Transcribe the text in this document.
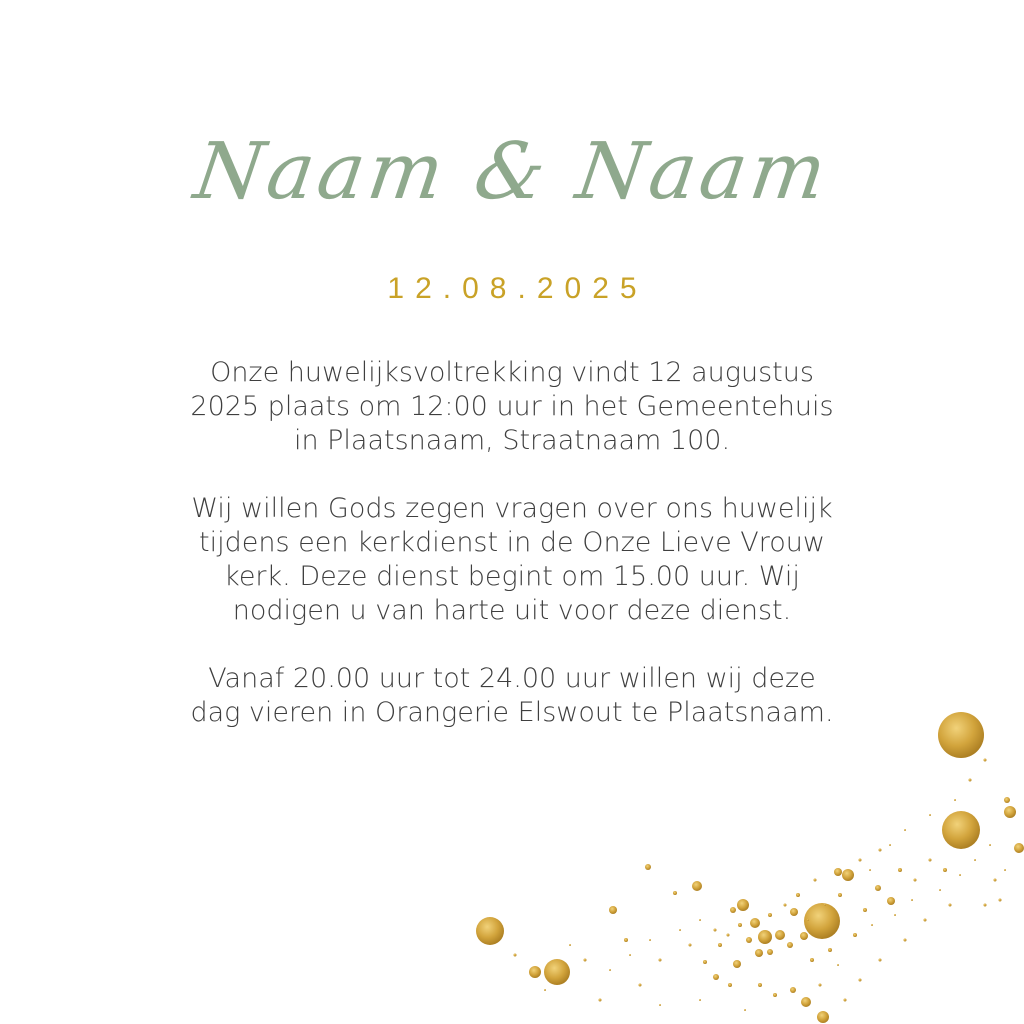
Naam & Naam
12.08.2025

Onze huwelijksvoltrekking vindt 12 augustus 2025 plaats om 12:00 uur in het Gemeentehuis in Plaatsnaam, Straatnaam 100.

Wij willen Gods zegen vragen over ons huwelijk tijdens een kerkdienst in de Onze Lieve Vrouw kerk. Deze dienst begint om 15.00 uur. Wij nodigen u van harte uit voor deze dienst.

Vanaf 20.00 uur tot 24.00 uur willen wij deze dag vieren in Orangerie Elswout te Plaatsnaam.
